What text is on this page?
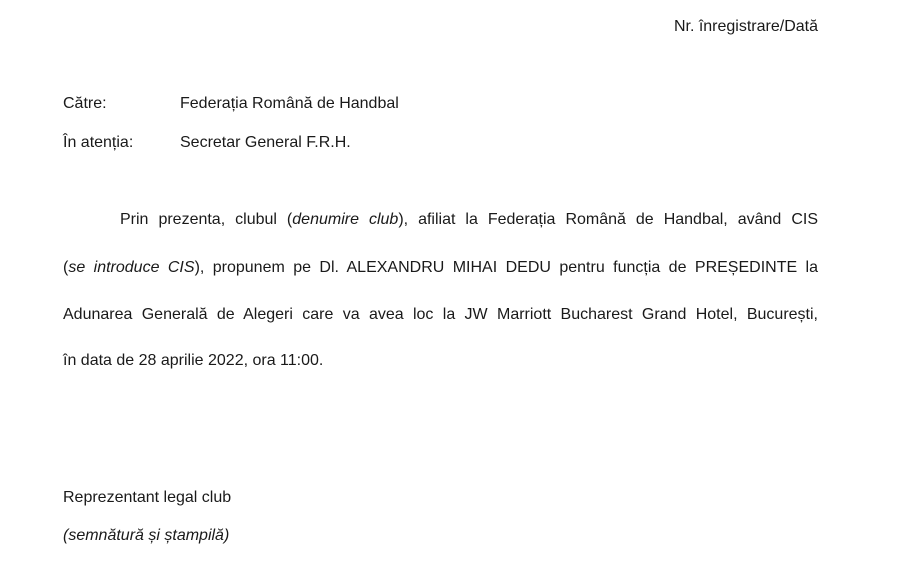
Nr. înregistrare/Dată
Către:	Federația Română de Handbal
În atenția:	Secretar General F.R.H.
Prin prezenta, clubul (denumire club), afiliat la Federația Română de Handbal, având CIS
(se introduce CIS), propunem pe Dl. ALEXANDRU MIHAI DEDU pentru funcția de PREȘEDINTE la
Adunarea Generală de Alegeri care va avea loc la JW Marriott Bucharest Grand Hotel, București,
în data de 28 aprilie 2022, ora 11:00.
Reprezentant legal club
(semnătură și ștampilă)
